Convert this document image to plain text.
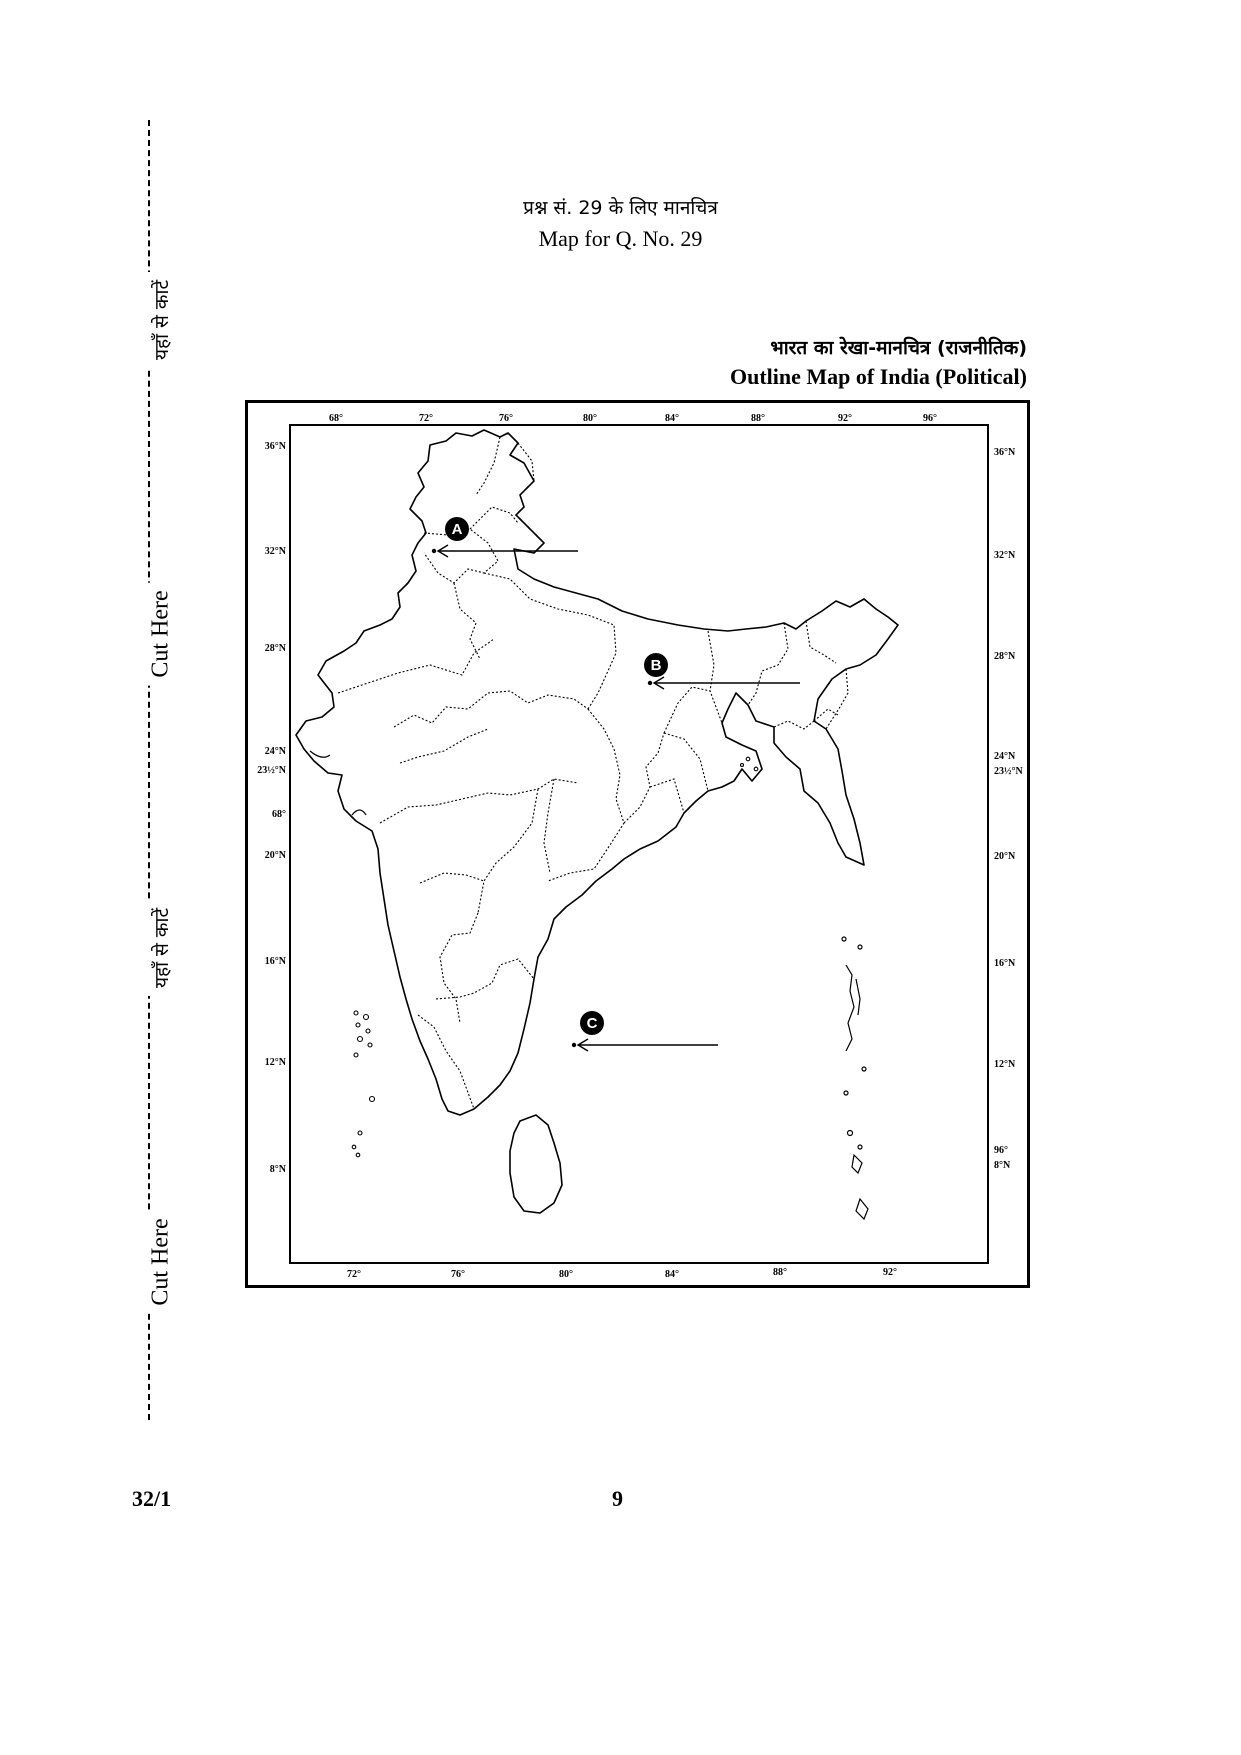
यहाँ से काटें
Cut Here
यहाँ से काटें
Cut Here
प्रश्न सं. 29 के लिए मानचित्र
Map for Q. No. 29
भारत का रेखा-मानचित्र (राजनीतिक)
Outline Map of India (Political)
68°	72°	76°	80°	84°	88°	92°	96°
72°	76°	80°	84°	88°	92°
36°N
32°N
28°N
24°N
23½°N
68°
20°N
16°N
12°N
8°N
36°N
32°N
28°N
24°N
23½°N
20°N
16°N
12°N
96°
8°N
A
B
C
32/1	9
